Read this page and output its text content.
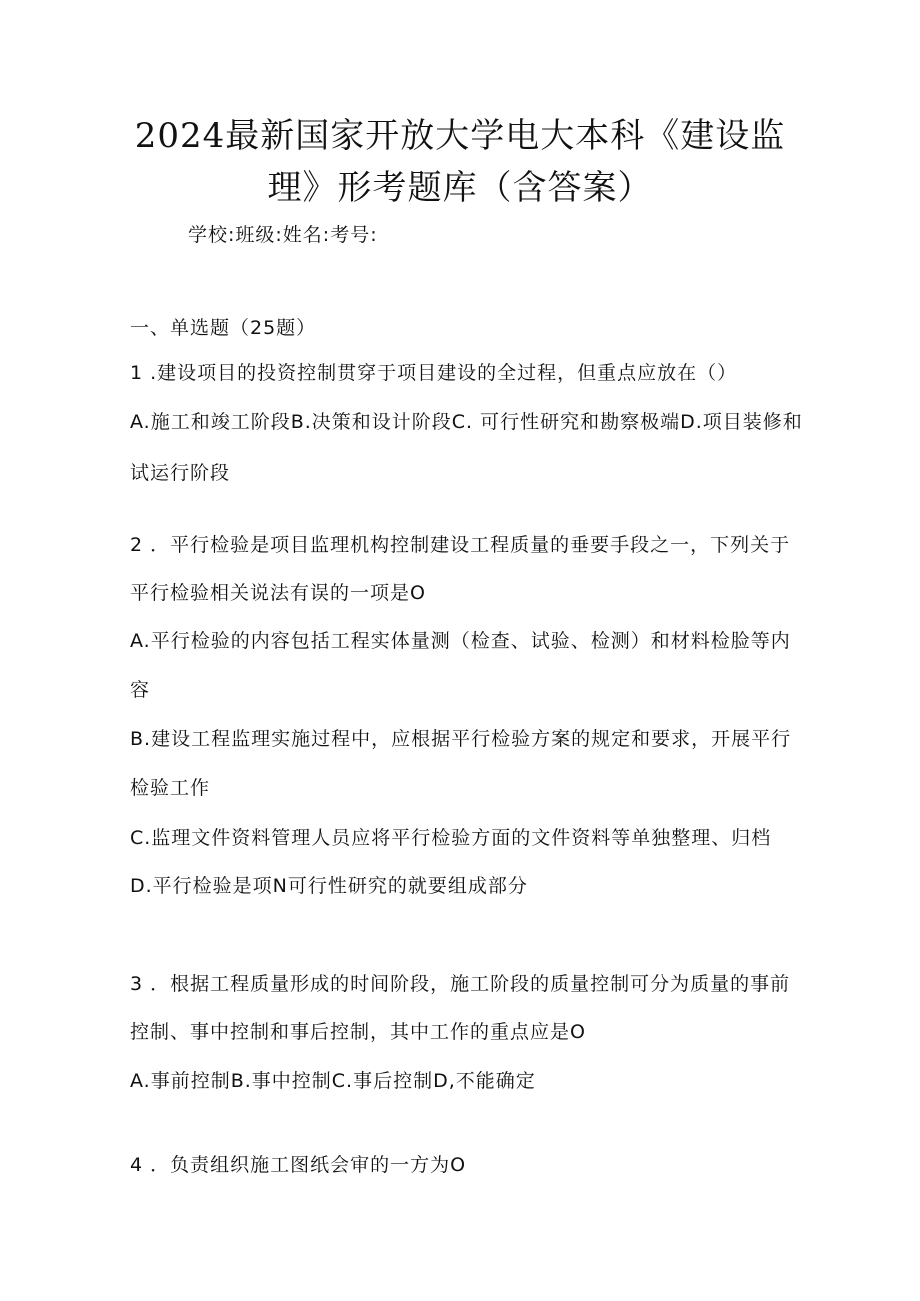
2024最新国家开放大学电大本科《建设监
理》形考题库（含答案）
学校:班级:姓名:考号:
一、单选题（25题）
1 .建设项目的投资控制贯穿于项目建设的全过程，但重点应放在（）
A.施工和竣工阶段B.决策和设计阶段C. 可行性研究和勘察极端D.项目装修和
试运行阶段
2 ．平行检验是项目监理机构控制建设工程质量的垂要手段之一，下列关于
平行检验相关说法有误的一项是O
A.平行检验的内容包括工程实体量测（检查、试验、检测）和材料检脸等内
容
B.建设工程监理实施过程中，应根据平行检验方案的规定和要求，开展平行
检验工作
C.监理文件资料管理人员应将平行检验方面的文件资料等单独整理、归档
D.平行检验是项N可行性研究的就要组成部分
3 ．根据工程质量形成的时间阶段，施工阶段的质量控制可分为质量的事前
控制、事中控制和事后控制，其中工作的重点应是O
A.事前控制B.事中控制C.事后控制D,不能确定
4 ．负责组织施工图纸会审的一方为O
